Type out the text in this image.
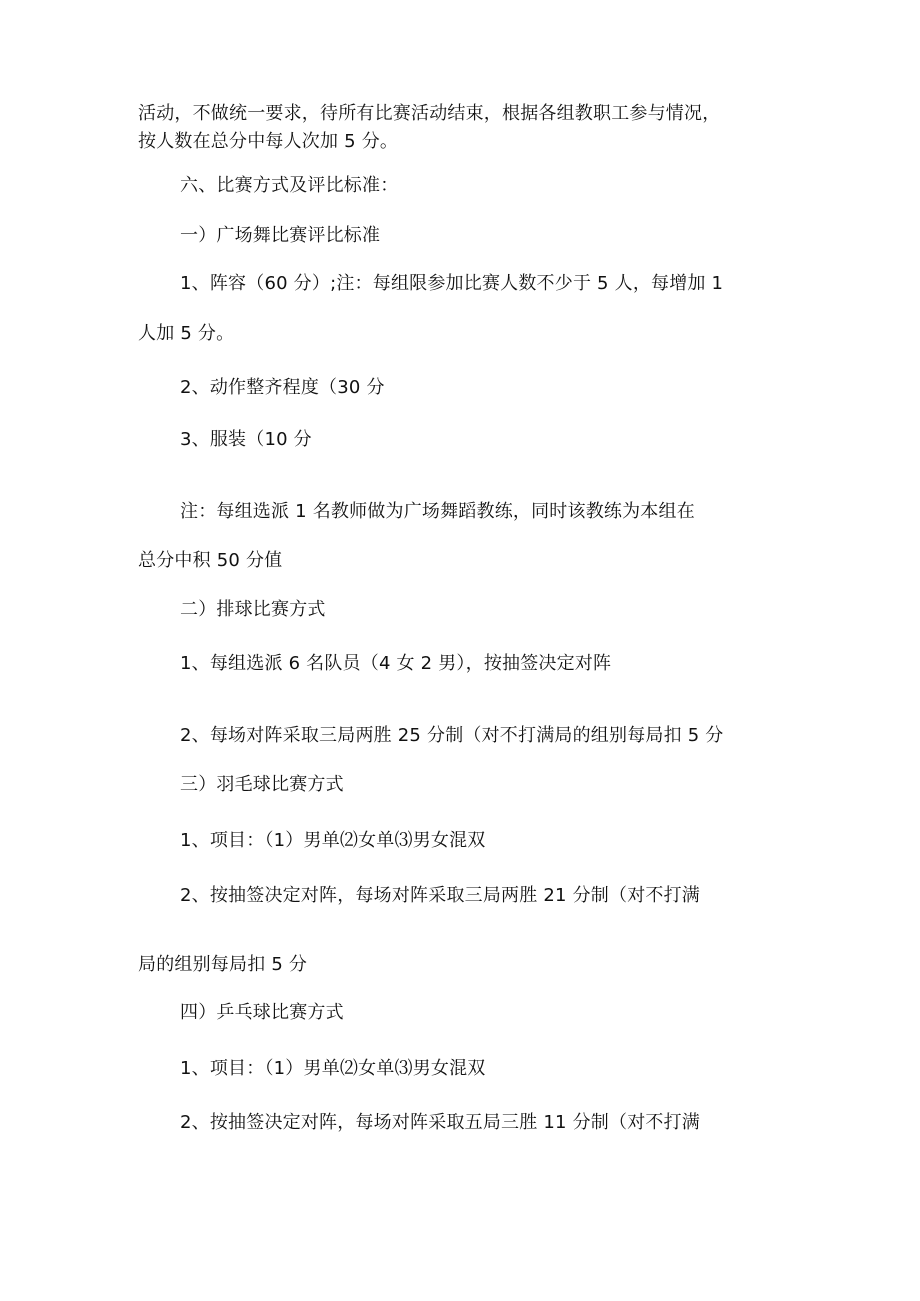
活动，不做统一要求，待所有比赛活动结束，根据各组教职工参与情况，
按人数在总分中每人次加 5 分。
六、比赛方式及评比标准：
一）广场舞比赛评比标准
1、阵容（60 分）;注：每组限参加比赛人数不少于 5 人，每增加 1
人加 5 分。
2、动作整齐程度（30 分
3、服装（10 分
注：每组选派 1 名教师做为广场舞蹈教练，同时该教练为本组在
总分中积 50 分值
二）排球比赛方式
1、每组选派 6 名队员（4 女 2 男），按抽签决定对阵
2、每场对阵采取三局两胜 25 分制（对不打满局的组别每局扣 5 分
三）羽毛球比赛方式
1、项目：（1）男单⑵女单⑶男女混双
2、按抽签决定对阵，每场对阵采取三局两胜 21 分制（对不打满
局的组别每局扣 5 分
四）乒乓球比赛方式
1、项目：（1）男单⑵女单⑶男女混双
2、按抽签决定对阵，每场对阵采取五局三胜 11 分制（对不打满
